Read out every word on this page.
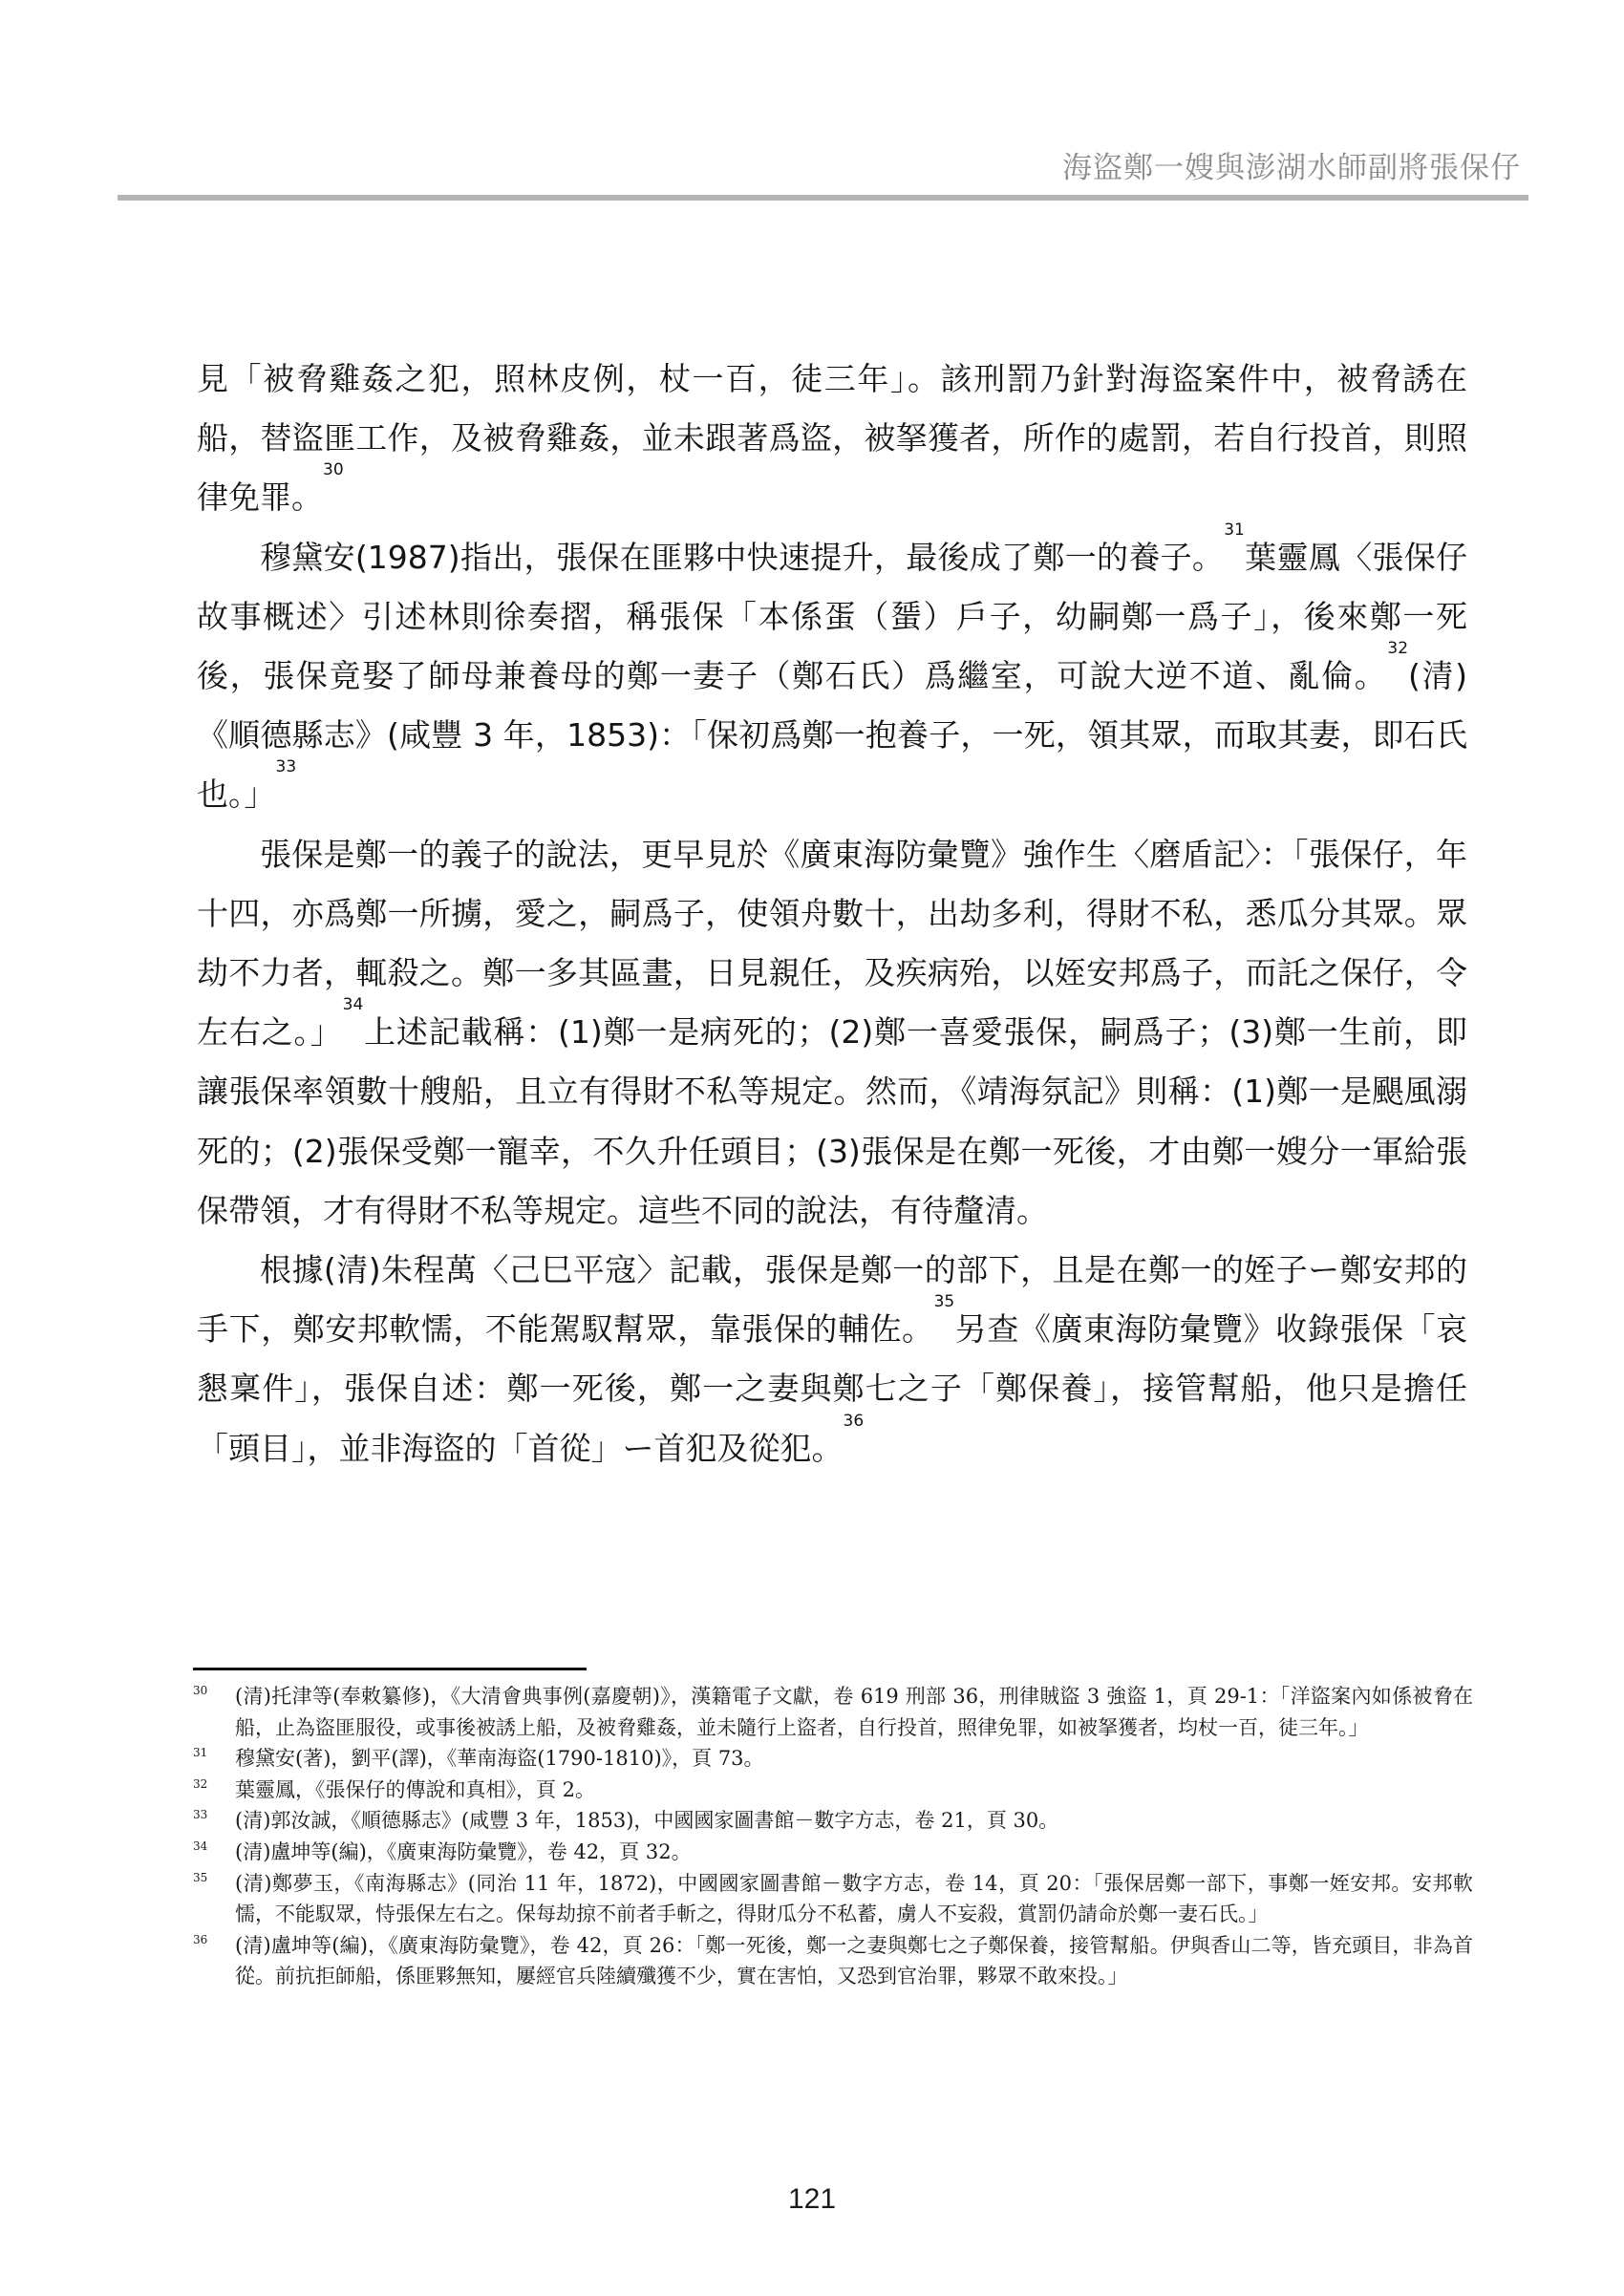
海盜鄭一嫂與澎湖水師副將張保仔

見「被脅雞姦之犯，照林皮例，杖一百，徒三年」。該刑罰乃針對海盜案件中，被脅誘在船，替盜匪工作，及被脅雞姦，並未跟著爲盜，被拏獲者，所作的處罰，若自行投首，則照律免罪。$^{30}$

穆黛安(1987)指出，張保在匪夥中快速提升，最後成了鄭一的養子。$^{31}$葉靈鳳〈張保仔故事概述〉引述林則徐奏摺，稱張保「本係蛋（蜑）戶子，幼嗣鄭一爲子」，後來鄭一死後，張保竟娶了師母兼養母的鄭一妻子（鄭石氏）爲繼室，可說大逆不道、亂倫。$^{32}$(清)《順德縣志》(咸豐 3 年，1853)：「保初爲鄭一抱養子，一死，領其眾，而取其妻，即石氏也。」$^{33}$

張保是鄭一的義子的說法，更早見於《廣東海防彙覽》強作生〈磨盾記〉：「張保仔，年十四，亦爲鄭一所擄，愛之，嗣爲子，使領舟數十，出劫多利，得財不私，悉瓜分其眾。眾劫不力者，輒殺之。鄭一多其區畫，日見親任，及疾病殆，以姪安邦爲子，而託之保仔，令左右之。」$^{34}$上述記載稱：(1)鄭一是病死的；(2)鄭一喜愛張保，嗣爲子；(3)鄭一生前，即讓張保率領數十艘船，且立有得財不私等規定。然而，《靖海氛記》則稱：(1)鄭一是颶風溺死的；(2)張保受鄭一寵幸，不久升任頭目；(3)張保是在鄭一死後，才由鄭一嫂分一軍給張保帶領，才有得財不私等規定。這些不同的說法，有待釐清。

根據(清)朱程萬〈己巳平寇〉記載，張保是鄭一的部下，且是在鄭一的姪子ー鄭安邦的手下，鄭安邦軟懦，不能駕馭幫眾，靠張保的輔佐。$^{35}$另查《廣東海防彙覽》收錄張保「哀懇稟件」，張保自述：鄭一死後，鄭一之妻與鄭七之子「鄭保養」，接管幫船，他只是擔任「頭目」，並非海盜的「首從」ー首犯及從犯。$^{36}$

30 (清)托津等(奉敕纂修)，《大清會典事例(嘉慶朝)》，漢籍電子文獻，卷 619 刑部 36，刑律賊盜 3 強盜 1，頁 29-1：「洋盜案內如係被脅在船，止為盜匪服役，或事後被誘上船，及被脅雞姦，並未隨行上盜者，自行投首，照律免罪，如被拏獲者，均杖一百，徒三年。」
31 穆黛安(著)，劉平(譯)，《華南海盜(1790-1810)》，頁 73。
32 葉靈鳳，《張保仔的傳說和真相》，頁 2。
33 (清)郭汝誠，《順德縣志》(咸豐 3 年，1853)，中國國家圖書館－數字方志，卷 21，頁 30。
34 (清)盧坤等(編)，《廣東海防彙覽》，卷 42，頁 32。
35 (清)鄭夢玉，《南海縣志》(同治 11 年，1872)，中國國家圖書館－數字方志，卷 14，頁 20：「張保居鄭一部下，事鄭一姪安邦。安邦軟懦，不能馭眾，恃張保左右之。保每劫掠不前者手斬之，得財瓜分不私蓄，虜人不妄殺，賞罰仍請命於鄭一妻石氏。」
36 (清)盧坤等(編)，《廣東海防彙覽》，卷 42，頁 26：「鄭一死後，鄭一之妻與鄭七之子鄭保養，接管幫船。伊與香山二等，皆充頭目，非為首從。前抗拒師船，係匪夥無知，屢經官兵陸續殲獲不少，實在害怕，又恐到官治罪，夥眾不敢來投。」
121
